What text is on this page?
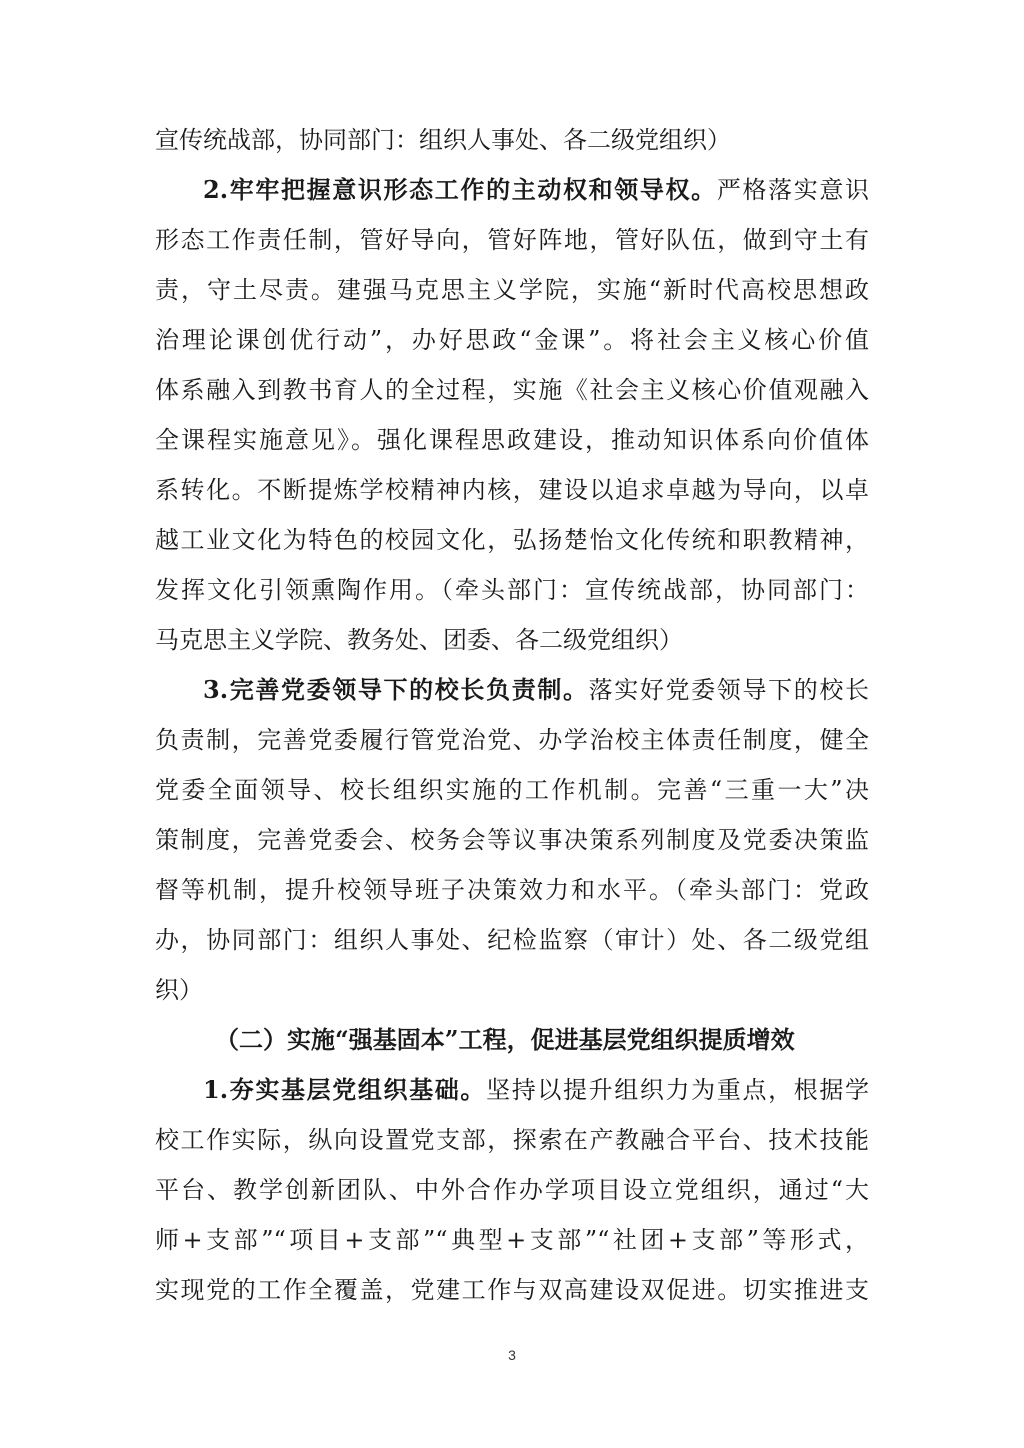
宣传统战部，协同部门：组织人事处、各二级党组织）
2.牢牢把握意识形态工作的主动权和领导权。严格落实意识
形态工作责任制，管好导向，管好阵地，管好队伍，做到守土有
责，守土尽责。建强马克思主义学院，实施“新时代高校思想政
治理论课创优行动”，办好思政“金课”。将社会主义核心价值
体系融入到教书育人的全过程，实施《社会主义核心价值观融入
全课程实施意见》。强化课程思政建设，推动知识体系向价值体
系转化。不断提炼学校精神内核，建设以追求卓越为导向，以卓
越工业文化为特色的校园文化，弘扬楚怡文化传统和职教精神，
发挥文化引领熏陶作用。（牵头部门：宣传统战部，协同部门：
马克思主义学院、教务处、团委、各二级党组织）
3.完善党委领导下的校长负责制。落实好党委领导下的校长
负责制，完善党委履行管党治党、办学治校主体责任制度，健全
党委全面领导、校长组织实施的工作机制。完善“三重一大”决
策制度，完善党委会、校务会等议事决策系列制度及党委决策监
督等机制，提升校领导班子决策效力和水平。（牵头部门：党政
办，协同部门：组织人事处、纪检监察（审计）处、各二级党组
织）
（二）实施“强基固本”工程，促进基层党组织提质增效
1.夯实基层党组织基础。坚持以提升组织力为重点，根据学
校工作实际，纵向设置党支部，探索在产教融合平台、技术技能
平台、教学创新团队、中外合作办学项目设立党组织，通过“大
师+支部”“项目+支部”“典型+支部”“社团+支部”等形式，
实现党的工作全覆盖，党建工作与双高建设双促进。切实推进支
3
